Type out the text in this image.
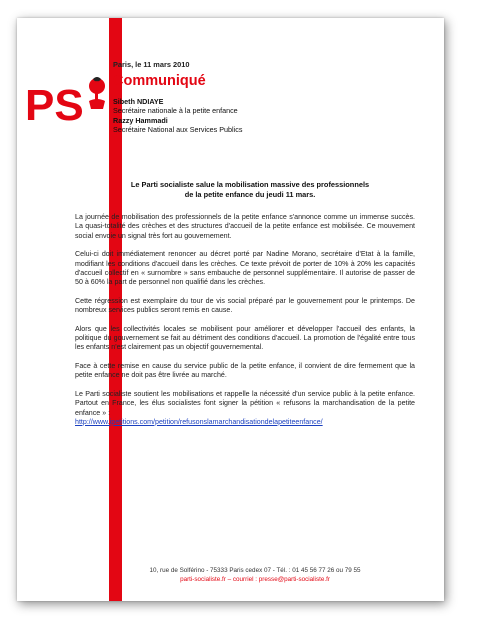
PS
Paris, le 11 mars 2010
Communiqué
Sibeth NDIAYE
Secrétaire nationale à la petite enfance
Razzy Hammadi
Secrétaire National aux Services Publics
Le Parti socialiste salue la mobilisation massive des professionnels
de la petite enfance du jeudi 11 mars.

La journée de mobilisation des professionnels de la petite enfance s'annonce comme un immense succès. La quasi-totalité des crèches et des structures d'accueil de la petite enfance est mobilisée. Ce mouvement social envoie un signal très fort au gouvernement.

Celui-ci doit immédiatement renoncer au décret porté par Nadine Morano, secrétaire d'Etat à la famille, modifiant les conditions d'accueil dans les crèches. Ce texte prévoit de porter de 10% à 20% les capacités d'accueil collectif en « surnombre » sans embauche de personnel supplémentaire. Il autorise de passer de 50 à 60% la part de personnel non qualifié dans les crèches.

Cette régression est exemplaire du tour de vis social préparé par le gouvernement pour le printemps. De nombreux services publics seront remis en cause.

Alors que les collectivités locales se mobilisent pour améliorer et développer l'accueil des enfants, la politique du gouvernement se fait au détriment des conditions d'accueil. La promotion de l'égalité entre tous les enfants n'est clairement pas un objectif gouvernemental.

Face à cette remise en cause du service public de la petite enfance, il convient de dire fermement que la petite enfance ne doit pas être livrée au marché.

Le Parti socialiste soutient les mobilisations et rappelle la nécessité d'un service public à la petite enfance. Partout en France, les élus socialistes font signer la pétition « refusons la marchandisation de la petite enfance » :
http://www.ipetitions.com/petition/refusonslamarchandisationdelapetiteenfance/

10, rue de Solférino - 75333 Paris cedex 07 - Tél. : 01 45 56 77 26 ou 79 55
parti-socialiste.fr – courriel : presse@parti-socialiste.fr
